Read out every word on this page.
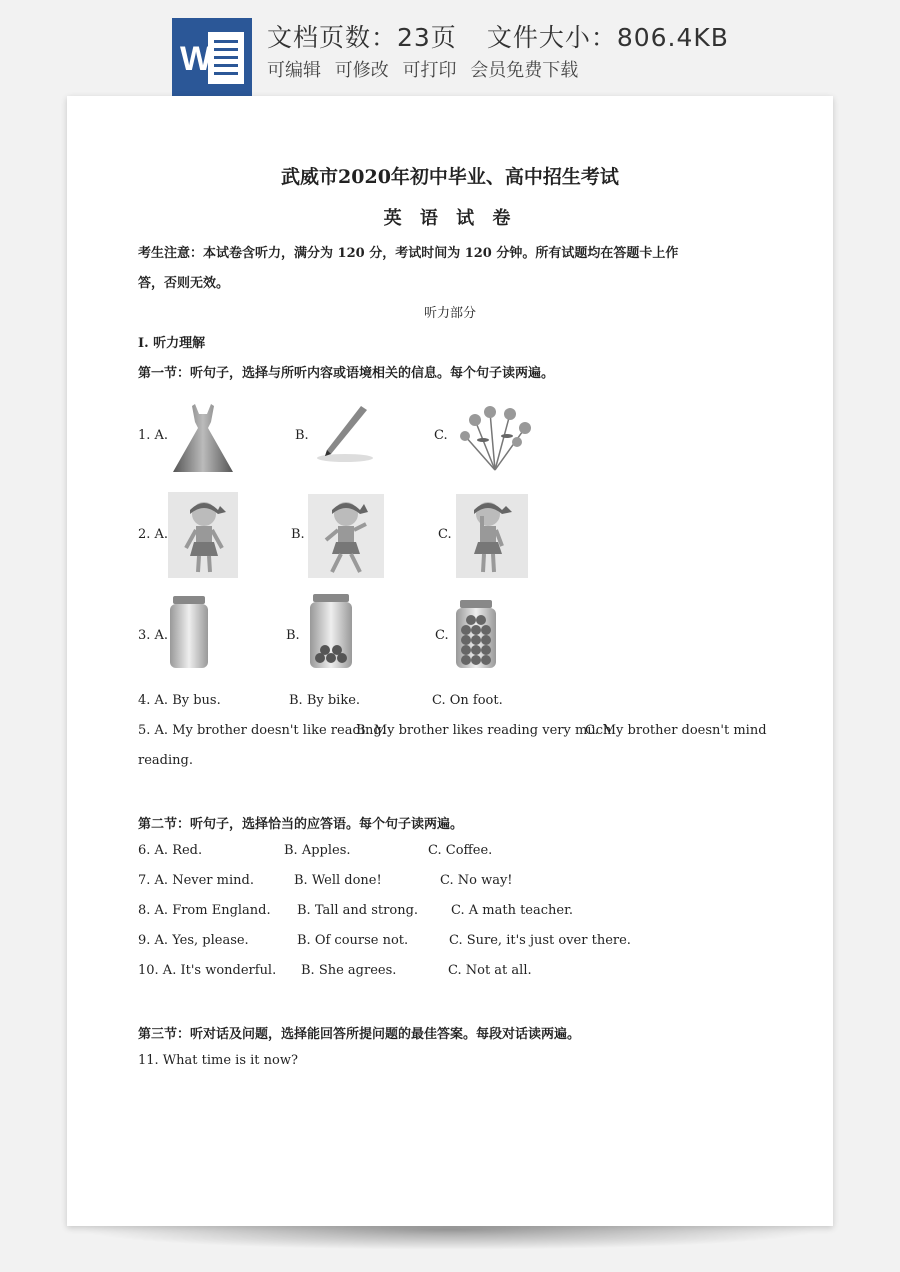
W
文档页数：23页 文件大小：806.4KB
可编辑 可修改 可打印 会员免费下载
武威市2020年初中毕业、高中招生考试
英 语 试 卷
考生注意：本试卷含听力，满分为 120 分，考试时间为 120 分钟。所有试题均在答题卡上作
答，否则无效。
听力部分
I. 听力理解
第一节：听句子，选择与所听内容或语境相关的信息。每个句子读两遍。
1. A.	B.	C.
2. A.	B.	C.
3. A.	B.	C.
4. A. By bus.	B. By bike.	C. On foot.
5. A. My brother doesn't like reading.
B. My brother likes reading very much.
C. My brother doesn't mind
reading.
第二节：听句子，选择恰当的应答语。每个句子读两遍。
6. A. Red.	B. Apples.	C. Coffee.
7. A. Never mind.	B. Well done!	C. No way!
8. A. From England. B. Tall and strong.	C. A math teacher.
9. A. Yes, please.	B. Of course not.	C. Sure, it's just over there.
10. A. It's wonderful. B. She agrees.	C. Not at all.
第三节：听对话及问题，选择能回答所提问题的最佳答案。每段对话读两遍。
11. What time is it now?
